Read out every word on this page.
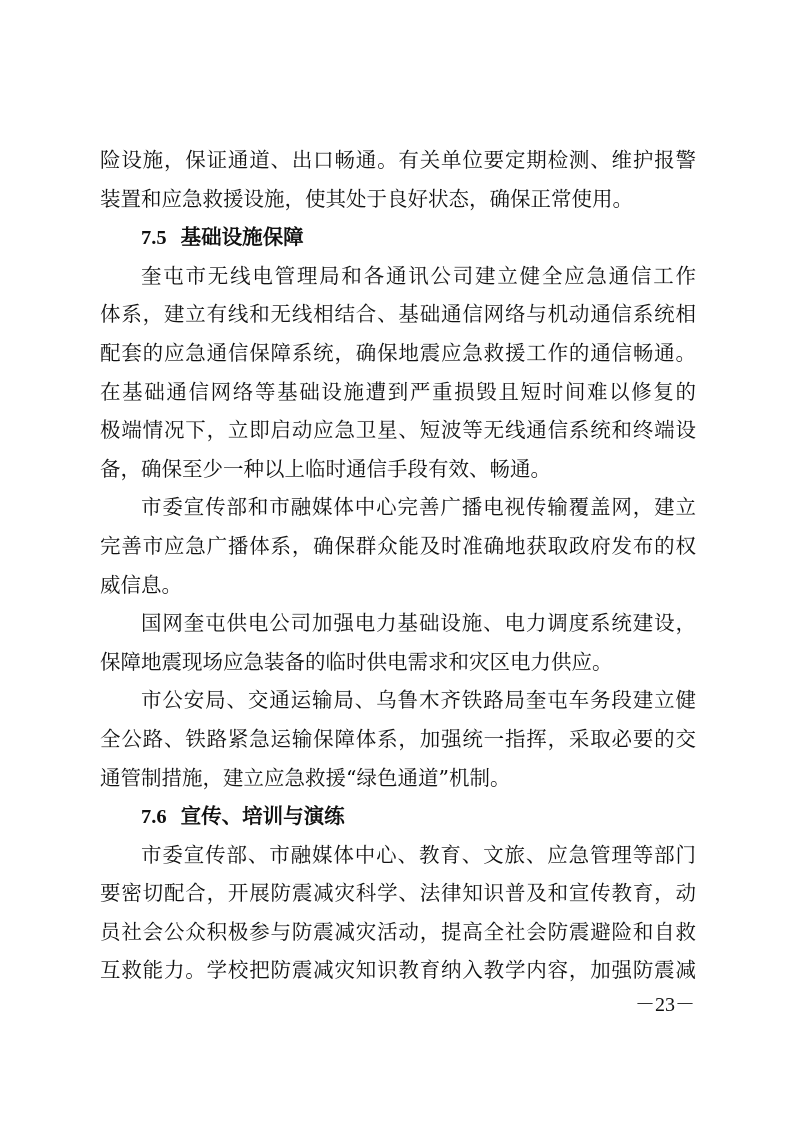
险设施，保证通道、出口畅通。有关单位要定期检测、维护报警
装置和应急救援设施，使其处于良好状态，确保正常使用。
7.5 基础设施保障
奎屯市无线电管理局和各通讯公司建立健全应急通信工作
体系，建立有线和无线相结合、基础通信网络与机动通信系统相
配套的应急通信保障系统，确保地震应急救援工作的通信畅通。
在基础通信网络等基础设施遭到严重损毁且短时间难以修复的
极端情况下，立即启动应急卫星、短波等无线通信系统和终端设
备，确保至少一种以上临时通信手段有效、畅通。
市委宣传部和市融媒体中心完善广播电视传输覆盖网，建立
完善市应急广播体系，确保群众能及时准确地获取政府发布的权
威信息。
国网奎屯供电公司加强电力基础设施、电力调度系统建设，
保障地震现场应急装备的临时供电需求和灾区电力供应。
市公安局、交通运输局、乌鲁木齐铁路局奎屯车务段建立健
全公路、铁路紧急运输保障体系，加强统一指挥，采取必要的交
通管制措施，建立应急救援“绿色通道”机制。
7.6 宣传、培训与演练
市委宣传部、市融媒体中心、教育、文旅、应急管理等部门
要密切配合，开展防震减灾科学、法律知识普及和宣传教育，动
员社会公众积极参与防震减灾活动，提高全社会防震避险和自救
互救能力。学校把防震减灾知识教育纳入教学内容，加强防震减
－23－
